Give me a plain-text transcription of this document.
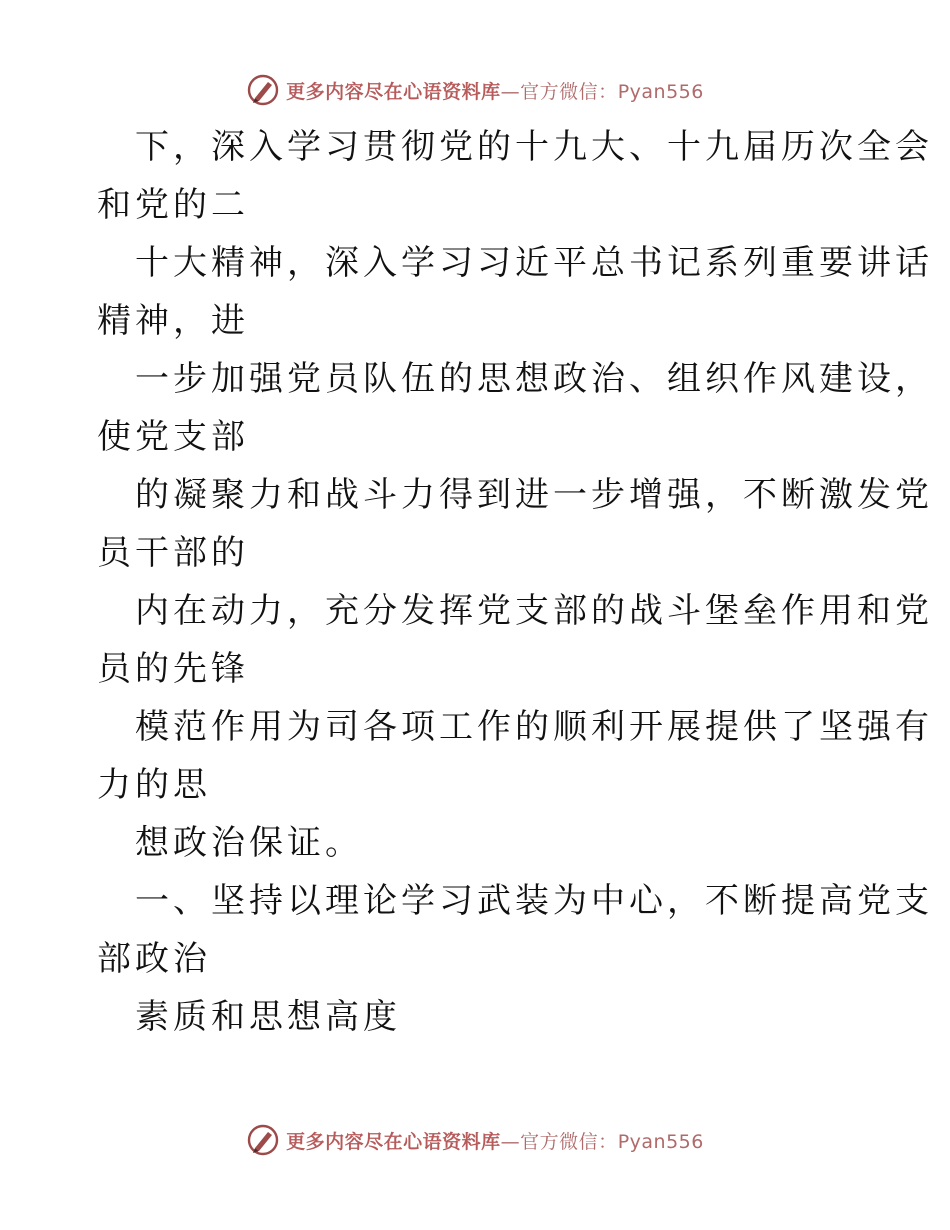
更多内容尽在心语资料库—官方微信：Pyan556
下，深入学习贯彻党的十九大、十九届历次全会
和党的二
十大精神，深入学习习近平总书记系列重要讲话
精神，进
一步加强党员队伍的思想政治、组织作风建设，
使党支部
的凝聚力和战斗力得到进一步增强，不断激发党
员干部的
内在动力，充分发挥党支部的战斗堡垒作用和党
员的先锋
模范作用为司各项工作的顺利开展提供了坚强有
力的思
想政治保证。
一、坚持以理论学习武装为中心，不断提高党支
部政治
素质和思想高度
更多内容尽在心语资料库—官方微信：Pyan556
